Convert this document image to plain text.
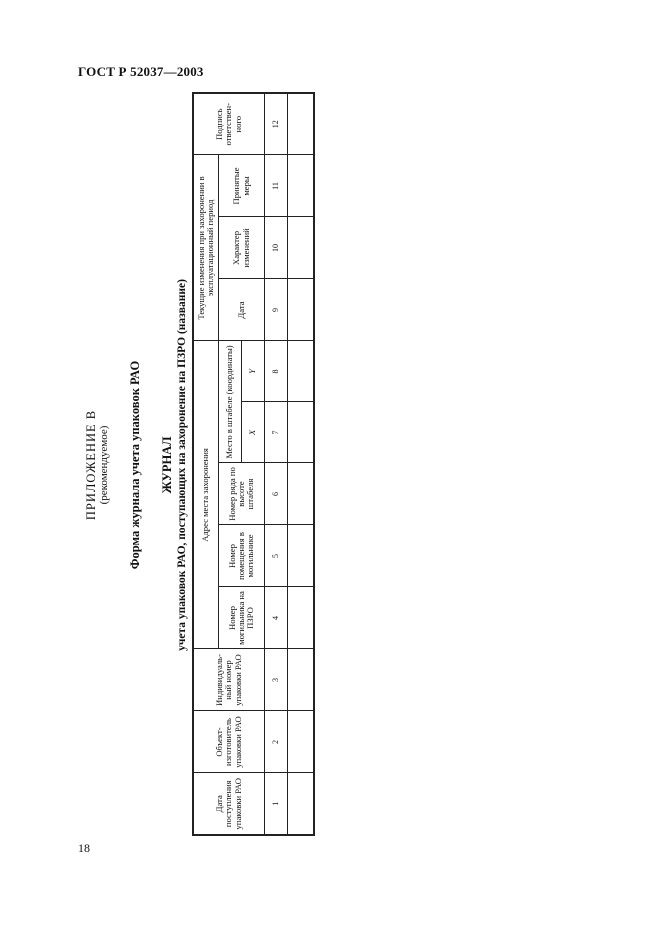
ГОСТ Р 52037—2003
ПРИЛОЖЕНИЕ В (рекомендуемое) Форма журнала учета упаковок РАО ЖУРНАЛ учета упаковок РАО, поступающих на захоронение на ПЗРО (название)
Дата поступления упаковки РАО	Объект-изготовитель упаковки РАО	Индивидуаль-ный номер упаковки РАО	Адрес места захоронения					Текущие изменения при захоронении в эксплуатационный период			Подпись ответствен-ного
			Номер могильника на ПЗРО	Номер помещения в могильнике	Номер ряда по высоте штабеля	Место в штабеле (координаты)		Дата	Характер изменений	Принятые меры	
						X	Y				
1	2	3	4	5	6	7	8	9	10	11	12

18
